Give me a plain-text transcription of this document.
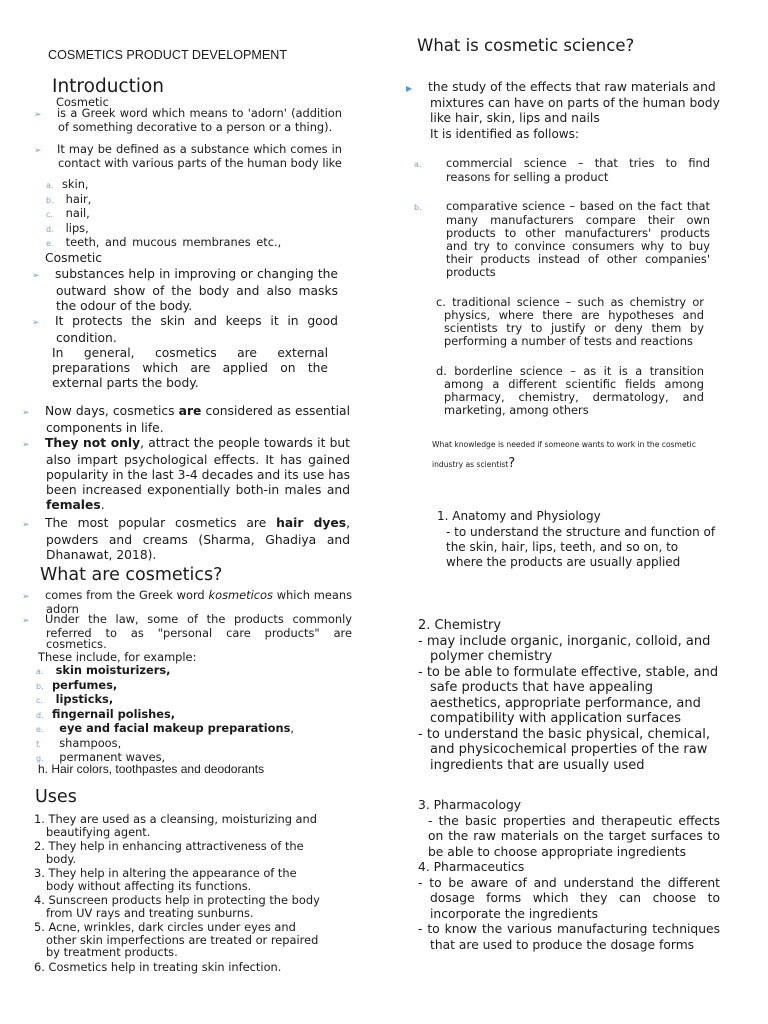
COSMETICS PRODUCT DEVELOPMENT
Introduction
Cosmetic
➢ is a Greek word which means to 'adorn' (addition of something decorative to a person or a thing).
➢ It may be defined as a substance which comes in contact with various parts of the human body like
a. skin,
b. hair,
c. nail,
d. lips,
e. teeth, and mucous membranes etc.,
Cosmetic
➢ substances help in improving or changing the outward show of the body and also masks the odour of the body.
➢ It protects the skin and keeps it in good condition.
In general, cosmetics are external preparations which are applied on the external parts the body.
➢ Now days, cosmetics are considered as essential components in life.
➢ They not only, attract the people towards it but also impart psychological effects. It has gained popularity in the last 3-4 decades and its use has been increased exponentially both-in males and females.
➢ The most popular cosmetics are hair dyes, powders and creams (Sharma, Ghadiya and Dhanawat, 2018).
What are cosmetics?
➢ comes from the Greek word kosmeticos which means adorn
➢ Under the law, some of the products commonly referred to as "personal care products" are cosmetics.
These include, for example:
a. skin moisturizers,
b. perfumes,
c. lipsticks,
d. fingernail polishes,
e. eye and facial makeup preparations,
f. shampoos,
g. permanent waves,
h. Hair colors, toothpastes and deodorants
Uses
1. They are used as a cleansing, moisturizing and beautifying agent.
2. They help in enhancing attractiveness of the body.
3. They help in altering the appearance of the body without affecting its functions.
4. Sunscreen products help in protecting the body from UV rays and treating sunburns.
5. Acne, wrinkles, dark circles under eyes and other skin imperfections are treated or repaired by treatment products.
6. Cosmetics help in treating skin infection.
What is cosmetic science?
▶ the study of the effects that raw materials and mixtures can have on parts of the human body like hair, skin, lips and nails
It is identified as follows:
a. commercial science – that tries to find reasons for selling a product
b. comparative science – based on the fact that many manufacturers compare their own products to other manufacturers' products and try to convince consumers why to buy their products instead of other companies' products
c. traditional science – such as chemistry or physics, where there are hypotheses and scientists try to justify or deny them by performing a number of tests and reactions
d. borderline science – as it is a transition among a different scientific fields among pharmacy, chemistry, dermatology, and marketing, among others
What knowledge is needed if someone wants to work in the cosmetic industry as scientist?
1. Anatomy and Physiology
- to understand the structure and function of the skin, hair, lips, teeth, and so on, to where the products are usually applied
2. Chemistry
- may include organic, inorganic, colloid, and polymer chemistry
- to be able to formulate effective, stable, and safe products that have appealing aesthetics, appropriate performance, and compatibility with application surfaces
- to understand the basic physical, chemical, and physicochemical properties of the raw ingredients that are usually used
3. Pharmacology
- the basic properties and therapeutic effects on the raw materials on the target surfaces to be able to choose appropriate ingredients
4. Pharmaceutics
- to be aware of and understand the different dosage forms which they can choose to incorporate the ingredients
- to know the various manufacturing techniques that are used to produce the dosage forms
